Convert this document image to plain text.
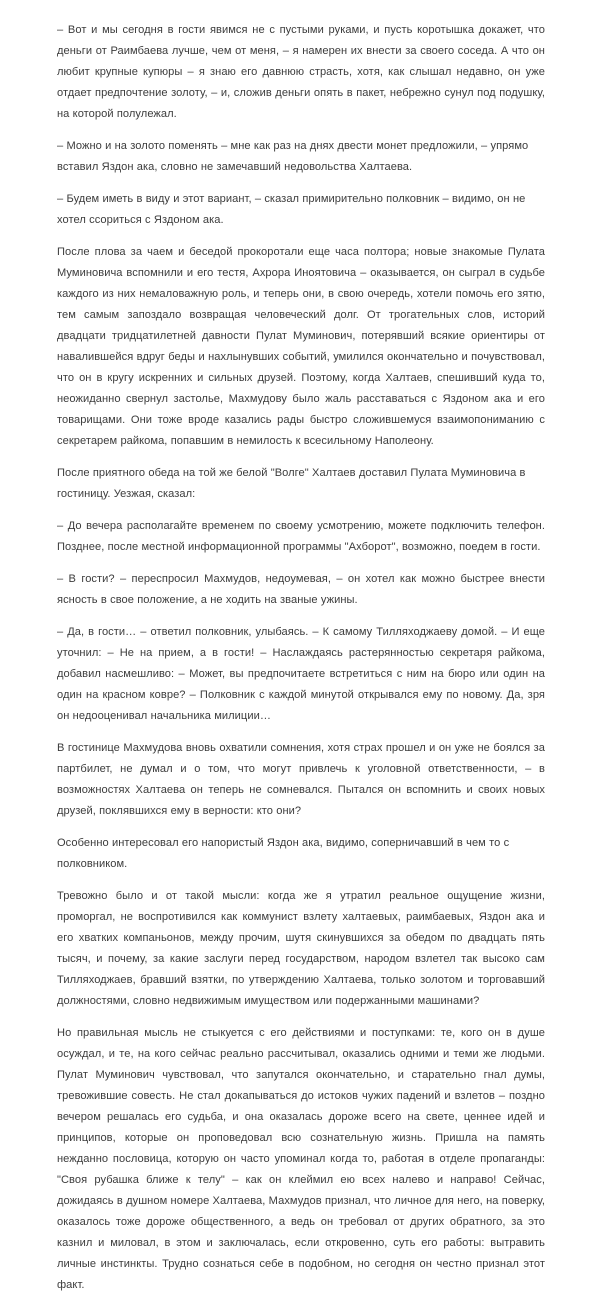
– Вот и мы сегодня в гости явимся не с пустыми руками, и пусть коротышка докажет, что деньги от Раимбаева лучше, чем от меня, – я намерен их внести за своего соседа. А что он любит крупные купюры – я знаю его давнюю страсть, хотя, как слышал недавно, он уже отдает предпочтение золоту, – и, сложив деньги опять в пакет, небрежно сунул под подушку, на которой полулежал.

– Можно и на золото поменять – мне как раз на днях двести монет предложили, – упрямо вставил Яздон ака, словно не замечавший недовольства Халтаева.

– Будем иметь в виду и этот вариант, – сказал примирительно полковник – видимо, он не хотел ссориться с Яздоном ака.

После плова за чаем и беседой прокоротали еще часа полтора; новые знакомые Пулата Муминовича вспомнили и его тестя, Ахрора Иноятовича – оказывается, он сыграл в судьбе каждого из них немаловажную роль, и теперь они, в свою очередь, хотели помочь его зятю, тем самым запоздало возвращая человеческий долг. От трогательных слов, историй двадцати тридцатилетней давности Пулат Муминович, потерявший всякие ориентиры от навалившейся вдруг беды и нахлынувших событий, умилился окончательно и почувствовал, что он в кругу искренних и сильных друзей. Поэтому, когда Халтаев, спешивший куда то, неожиданно свернул застолье, Махмудову было жаль расставаться с Яздоном ака и его товарищами. Они тоже вроде казались рады быстро сложившемуся взаимопониманию с секретарем райкома, попавшим в немилость к всесильному Наполеону.

После приятного обеда на той же белой "Волге" Халтаев доставил Пулата Муминовича в гостиницу. Уезжая, сказал:

– До вечера располагайте временем по своему усмотрению, можете подключить телефон. Позднее, после местной информационной программы "Ахборот", возможно, поедем в гости.

– В гости? – переспросил Махмудов, недоумевая, – он хотел как можно быстрее внести ясность в свое положение, а не ходить на званые ужины.

– Да, в гости… – ответил полковник, улыбаясь. – К самому Тилляходжаеву домой. – И еще уточнил: – Не на прием, а в гости! – Наслаждаясь растерянностью секретаря райкома, добавил насмешливо: – Может, вы предпочитаете встретиться с ним на бюро или один на один на красном ковре? – Полковник с каждой минутой открывался ему по новому. Да, зря он недооценивал начальника милиции…

В гостинице Махмудова вновь охватили сомнения, хотя страх прошел и он уже не боялся за партбилет, не думал и о том, что могут привлечь к уголовной ответственности, – в возможностях Халтаева он теперь не сомневался. Пытался он вспомнить и своих новых друзей, поклявшихся ему в верности: кто они?

Особенно интересовал его напористый Яздон ака, видимо, соперничавший в чем то с полковником.

Тревожно было и от такой мысли: когда же я утратил реальное ощущение жизни, проморгал, не воспротивился как коммунист взлету халтаевых, раимбаевых, Яздон ака и его хватких компаньонов, между прочим, шутя скинувшихся за обедом по двадцать пять тысяч, и почему, за какие заслуги перед государством, народом взлетел так высоко сам Тилляходжаев, бравший взятки, по утверждению Халтаева, только золотом и торговавший должностями, словно недвижимым имуществом или подержанными машинами?

Но правильная мысль не стыкуется с его действиями и поступками: те, кого он в душе осуждал, и те, на кого сейчас реально рассчитывал, оказались одними и теми же людьми. Пулат Муминович чувствовал, что запутался окончательно, и старательно гнал думы, тревожившие совесть. Не стал докапываться до истоков чужих падений и взлетов – поздно вечером решалась его судьба, и она оказалась дороже всего на свете, ценнее идей и принципов, которые он проповедовал всю сознательную жизнь. Пришла на память нежданно пословица, которую он часто упоминал когда то, работая в отделе пропаганды: "Своя рубашка ближе к телу" – как он клеймил ею всех налево и направо! Сейчас, дожидаясь в душном номере Халтаева, Махмудов признал, что личное для него, на поверку, оказалось тоже дороже общественного, а ведь он требовал от других обратного, за это казнил и миловал, в этом и заключалась, если откровенно, суть его работы: вытравить личные инстинкты. Трудно сознаться себе в подобном, но сегодня он честно признал этот факт.
